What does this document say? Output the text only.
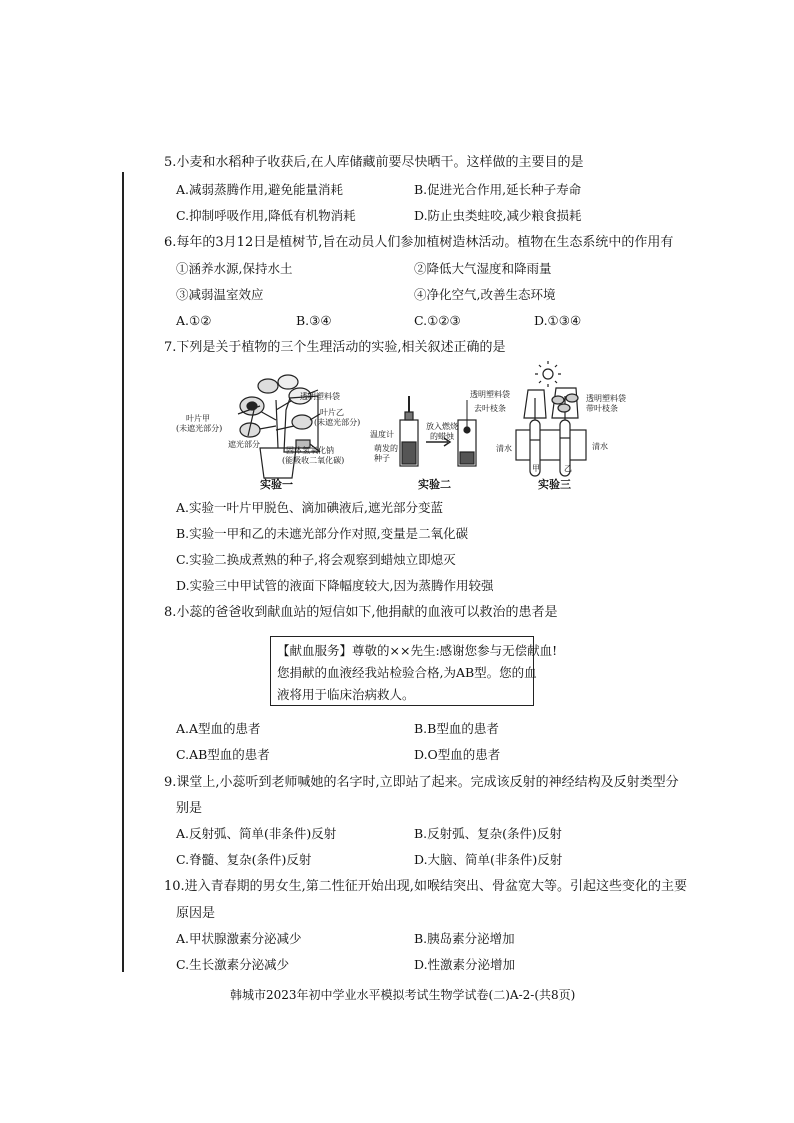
5.小麦和水稻种子收获后,在人库储藏前要尽快晒干。这样做的主要目的是
A.减弱蒸腾作用,避免能量消耗	B.促进光合作用,延长种子寿命
C.抑制呼吸作用,降低有机物消耗	D.防止虫类蛀咬,减少粮食损耗
6.每年的3月12日是植树节,旨在动员人们参加植树造林活动。植物在生态系统中的作用有
①涵养水源,保持水土	②降低大气湿度和降雨量
③减弱温室效应	④净化空气,改善生态环境
A.①②	B.③④	C.①②③	D.①③④
7.下列是关于植物的三个生理活动的实验,相关叙述正确的是
叶片甲
(未遮光部分)
遮光部分
透明塑料袋
叶片乙
(未遮光部分)
固体氢氧化钠
(能吸收二氧化碳)
实验一
温度计
萌发的
种子
放入燃烧
的蜡烛
实验二
透明塑料袋
去叶枝条
透明塑料袋
带叶枝条
清水	清水
甲	乙
实验三
A.实验一叶片甲脱色、滴加碘液后,遮光部分变蓝
B.实验一甲和乙的未遮光部分作对照,变量是二氧化碳
C.实验二换成煮熟的种子,将会观察到蜡烛立即熄灭
D.实验三中甲试管的液面下降幅度较大,因为蒸腾作用较强
8.小蕊的爸爸收到献血站的短信如下,他捐献的血液可以救治的患者是
【献血服务】尊敬的××先生:感谢您参与无偿献血!
您捐献的血液经我站检验合格,为AB型。您的血
液将用于临床治病救人。
A.A型血的患者	B.B型血的患者
C.AB型血的患者	D.O型血的患者
9.课堂上,小蕊听到老师喊她的名字时,立即站了起来。完成该反射的神经结构及反射类型分
别是
A.反射弧、简单(非条件)反射	B.反射弧、复杂(条件)反射
C.脊髓、复杂(条件)反射	D.大脑、简单(非条件)反射
10.进入青春期的男女生,第二性征开始出现,如喉结突出、骨盆宽大等。引起这些变化的主要
原因是
A.甲状腺激素分泌减少	B.胰岛素分泌增加
C.生长激素分泌减少	D.性激素分泌增加
韩城市2023年初中学业水平模拟考试生物学试卷(二)A-2-(共8页)
